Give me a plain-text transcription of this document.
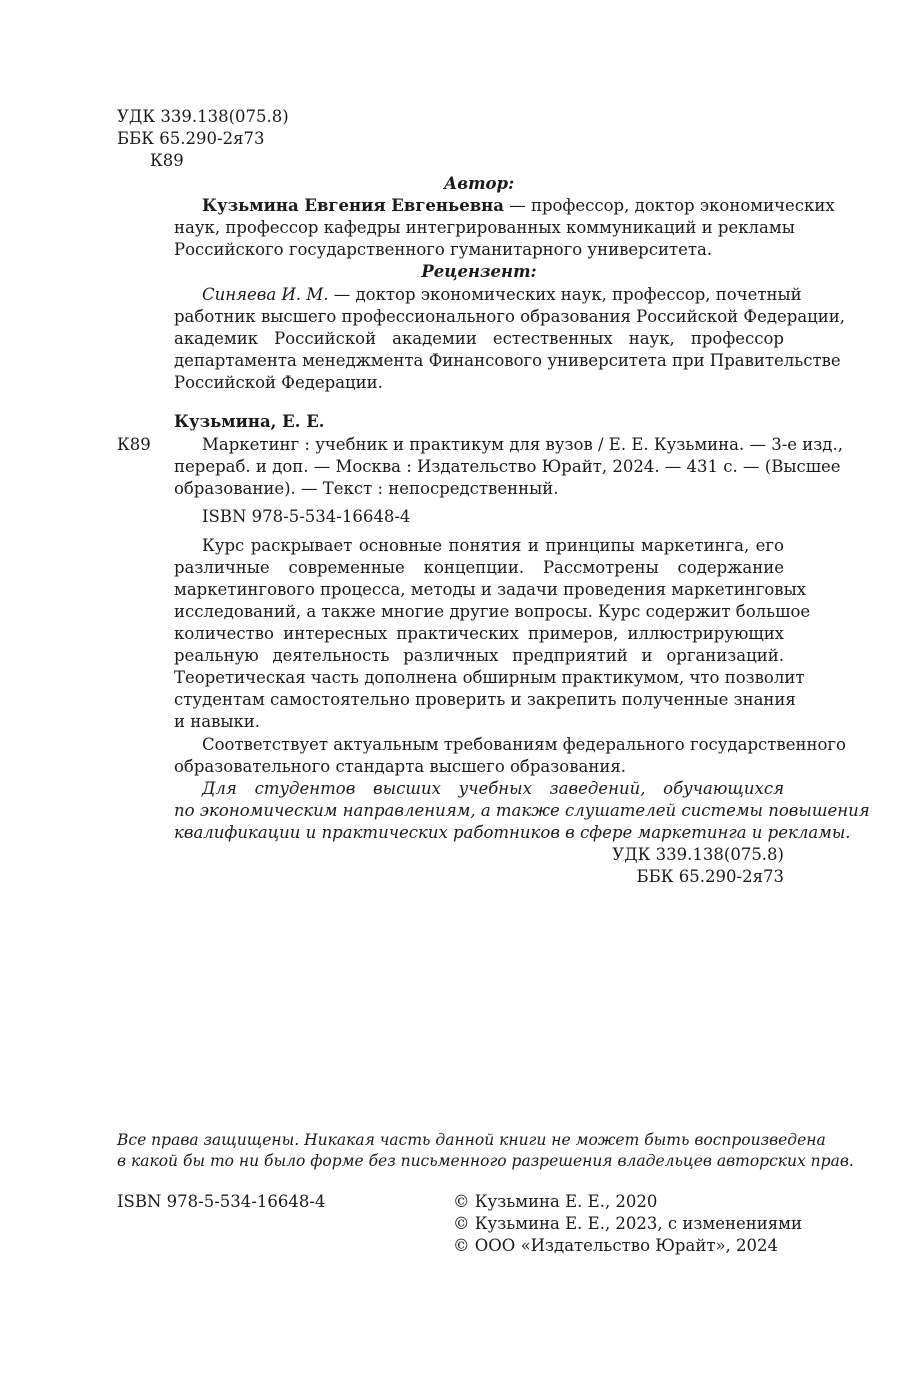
УДК 339.138(075.8)
ББК 65.290-2я73
К89
Автор:
Кузьмина Евгения Евгеньевна — профессор, доктор экономических
наук, профессор кафедры интегрированных коммуникаций и рекламы
Российского государственного гуманитарного университета.
Рецензент:
Синяева И. М. — доктор экономических наук, профессор, почетный
работник высшего профессионального образования Российской Федерации,
академик Российской академии естественных наук, профессор
департамента менеджмента Финансового университета при Правительстве
Российской Федерации.
Кузьмина, Е. Е.
К89	Маркетинг : учебник и практикум для вузов / Е. Е. Кузьмина. — 3-е изд.,
перераб. и доп. — Москва : Издательство Юрайт, 2024. — 431 с. — (Высшее
образование). — Текст : непосредственный.
ISBN 978-5-534-16648-4
Курс раскрывает основные понятия и принципы маркетинга, его
различные современные концепции. Рассмотрены содержание
маркетингового процесса, методы и задачи проведения маркетинговых
исследований, а также многие другие вопросы. Курс содержит большое
количество интересных практических примеров, иллюстрирующих
реальную деятельность различных предприятий и организаций.
Теоретическая часть дополнена обширным практикумом, что позволит
студентам самостоятельно проверить и закрепить полученные знания
и навыки.
Соответствует актуальным требованиям федерального государственного
образовательного стандарта высшего образования.
Для студентов высших учебных заведений, обучающихся
по экономическим направлениям, а также слушателей системы повышения
квалификации и практических работников в сфере маркетинга и рекламы.
УДК 339.138(075.8)
ББК 65.290-2я73
Все права защищены. Никакая часть данной книги не может быть воспроизведена
в какой бы то ни было форме без письменного разрешения владельцев авторских прав.
ISBN 978-5-534-16648-4	© Кузьмина Е. Е., 2020
© Кузьмина Е. Е., 2023, с изменениями
© ООО «Издательство Юрайт», 2024
